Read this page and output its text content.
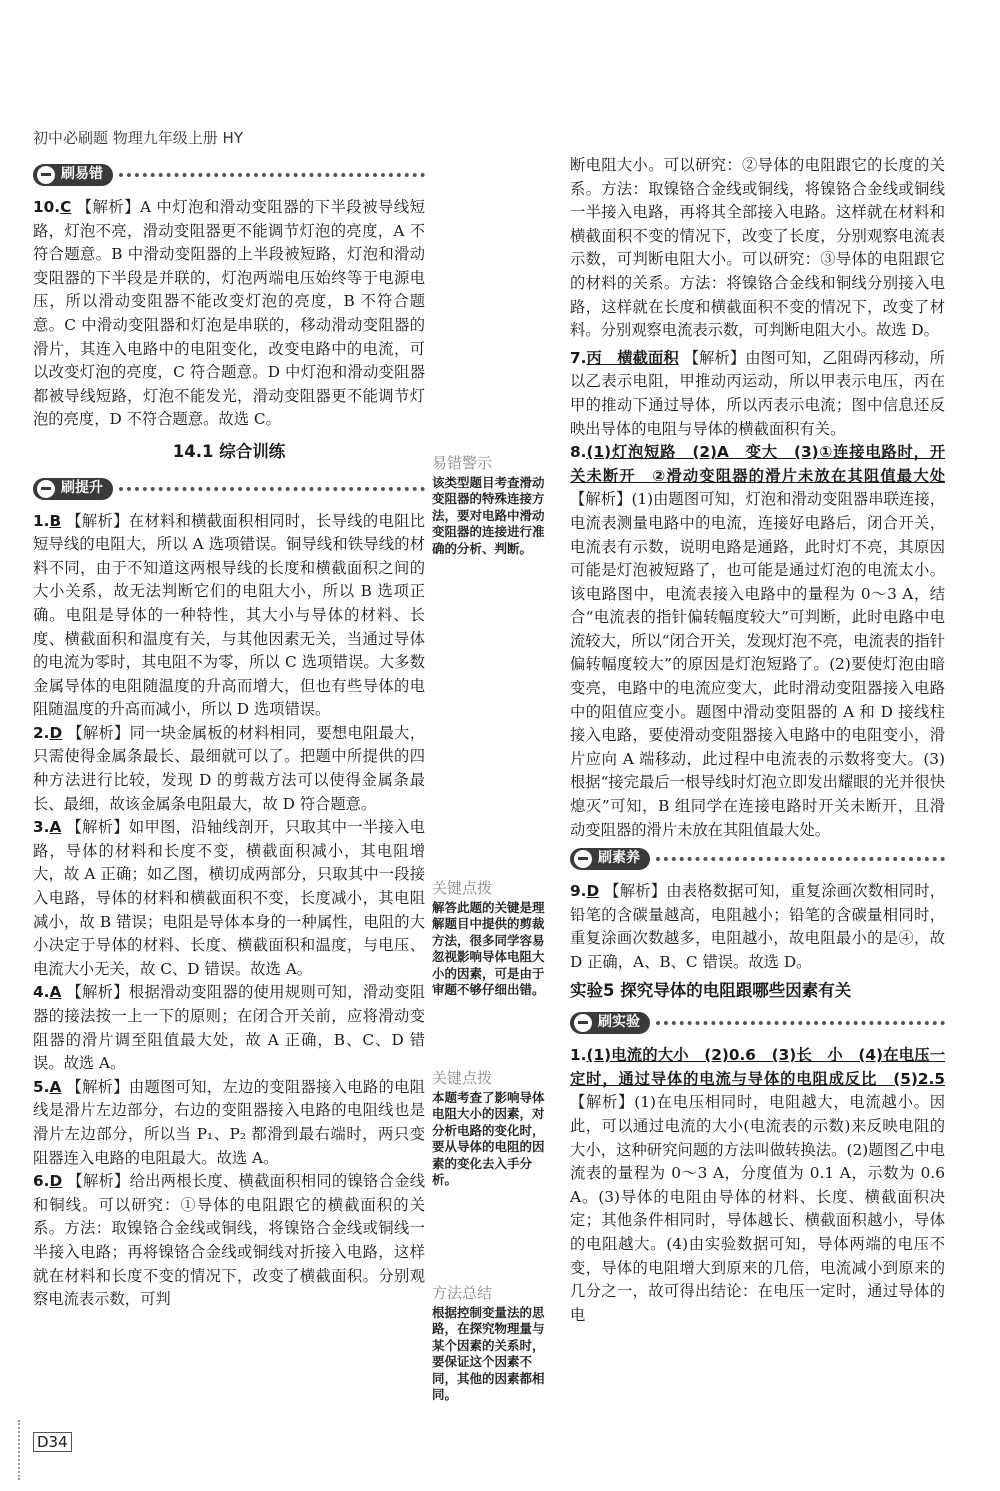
初中必刷题 物理九年级上册 HY
刷易错
10.C 【解析】A 中灯泡和滑动变阻器的下半段被导线短路，灯泡不亮，滑动变阻器更不能调节灯泡的亮度，A 不符合题意。B 中滑动变阻器的上半段被短路，灯泡和滑动变阻器的下半段是并联的，灯泡两端电压始终等于电源电压，所以滑动变阻器不能改变灯泡的亮度，B 不符合题意。C 中滑动变阻器和灯泡是串联的，移动滑动变阻器的滑片，其连入电路中的电阻变化，改变电路中的电流，可以改变灯泡的亮度，C 符合题意。D 中灯泡和滑动变阻器都被导线短路，灯泡不能发光，滑动变阻器更不能调节灯泡的亮度，D 不符合题意。故选 C。
14.1 综合训练
刷提升
1.B 【解析】在材料和横截面积相同时，长导线的电阻比短导线的电阻大，所以 A 选项错误。铜导线和铁导线的材料不同，由于不知道这两根导线的长度和横截面积之间的大小关系，故无法判断它们的电阻大小，所以 B 选项正确。电阻是导体的一种特性，其大小与导体的材料、长度、横截面积和温度有关，与其他因素无关，当通过导体的电流为零时，其电阻不为零，所以 C 选项错误。大多数金属导体的电阻随温度的升高而增大，但也有些导体的电阻随温度的升高而减小，所以 D 选项错误。
2.D 【解析】同一块金属板的材料相同，要想电阻最大，只需使得金属条最长、最细就可以了。把题中所提供的四种方法进行比较，发现 D 的剪裁方法可以使得金属条最长、最细，故该金属条电阻最大，故 D 符合题意。
3.A 【解析】如甲图，沿轴线剖开，只取其中一半接入电路，导体的材料和长度不变，横截面积减小，其电阻增大，故 A 正确；如乙图，横切成两部分，只取其中一段接入电路，导体的材料和横截面积不变，长度减小，其电阻减小，故 B 错误；电阻是导体本身的一种属性，电阻的大小决定于导体的材料、长度、横截面积和温度，与电压、电流大小无关，故 C、D 错误。故选 A。
4.A 【解析】根据滑动变阻器的使用规则可知，滑动变阻器的接法按一上一下的原则；在闭合开关前，应将滑动变阻器的滑片调至阻值最大处，故 A 正确，B、C、D 错误。故选 A。
5.A 【解析】由题图可知，左边的变阻器接入电路的电阻线是滑片左边部分，右边的变阻器接入电路的电阻线也是滑片左边部分，所以当 P₁、P₂ 都滑到最右端时，两只变阻器连入电路的电阻最大。故选 A。
6.D 【解析】给出两根长度、横截面积相同的镍铬合金线和铜线。可以研究：①导体的电阻跟它的横截面积的关系。方法：取镍铬合金线或铜线，将镍铬合金线或铜线一半接入电路；再将镍铬合金线或铜线对折接入电路，这样就在材料和长度不变的情况下，改变了横截面积。分别观察电流表示数，可判
易错警示
该类型题目考查滑动变阻器的特殊连接方法，要对电路中滑动变阻器的连接进行准确的分析、判断。
关键点拨
解答此题的关键是理解题目中提供的剪裁方法，很多同学容易忽视影响导体电阻大小的因素，可是由于审题不够仔细出错。
关键点拨
本题考查了影响导体电阻大小的因素，对分析电路的变化时，要从导体的电阻的因素的变化去入手分析。
方法总结
根据控制变量法的思路，在探究物理量与某个因素的关系时，要保证这个因素不同，其他的因素都相同。
断电阻大小。可以研究：②导体的电阻跟它的长度的关系。方法：取镍铬合金线或铜线，将镍铬合金线或铜线一半接入电路，再将其全部接入电路。这样就在材料和横截面积不变的情况下，改变了长度，分别观察电流表示数，可判断电阻大小。可以研究：③导体的电阻跟它的材料的关系。方法：将镍铬合金线和铜线分别接入电路，这样就在长度和横截面积不变的情况下，改变了材料。分别观察电流表示数，可判断电阻大小。故选 D。
7.丙　横截面积 【解析】由图可知，乙阻碍丙移动，所以乙表示电阻，甲推动丙运动，所以甲表示电压，丙在甲的推动下通过导体，所以丙表示电流；图中信息还反映出导体的电阻与导体的横截面积有关。
8.(1)灯泡短路　(2)A　变大　(3)①连接电路时，开关未断开　②滑动变阻器的滑片未放在其阻值最大处 【解析】(1)由题图可知，灯泡和滑动变阻器串联连接，电流表测量电路中的电流，连接好电路后，闭合开关，电流表有示数，说明电路是通路，此时灯不亮，其原因可能是灯泡被短路了，也可能是通过灯泡的电流太小。该电路图中，电流表接入电路中的量程为 0～3 A，结合“电流表的指针偏转幅度较大”可判断，此时电路中电流较大，所以“闭合开关，发现灯泡不亮，电流表的指针偏转幅度较大”的原因是灯泡短路了。(2)要使灯泡由暗变亮，电路中的电流应变大，此时滑动变阻器接入电路中的阻值应变小。题图中滑动变阻器的 A 和 D 接线柱接入电路，要使滑动变阻器接入电路中的电阻变小，滑片应向 A 端移动，此过程中电流表的示数将变大。(3)根据“接完最后一根导线时灯泡立即发出耀眼的光并很快熄灭”可知，B 组同学在连接电路时开关未断开，且滑动变阻器的滑片未放在其阻值最大处。
刷素养
9.D 【解析】由表格数据可知，重复涂画次数相同时，铅笔的含碳量越高，电阻越小；铅笔的含碳量相同时，重复涂画次数越多，电阻越小，故电阻最小的是④，故 D 正确，A、B、C 错误。故选 D。
实验5 探究导体的电阻跟哪些因素有关
刷实验
1.(1)电流的大小　(2)0.6　(3)长　小　(4)在电压一定时，通过导体的电流与导体的电阻成反比　(5)2.5 【解析】(1)在电压相同时，电阻越大，电流越小。因此，可以通过电流的大小(电流表的示数)来反映电阻的大小，这种研究问题的方法叫做转换法。(2)题图乙中电流表的量程为 0～3 A，分度值为 0.1 A，示数为 0.6 A。(3)导体的电阻由导体的材料、长度、横截面积决定；其他条件相同时，导体越长、横截面积越小，导体的电阻越大。(4)由实验数据可知，导体两端的电压不变，导体的电阻增大到原来的几倍，电流减小到原来的几分之一，故可得出结论：在电压一定时，通过导体的电
D34
